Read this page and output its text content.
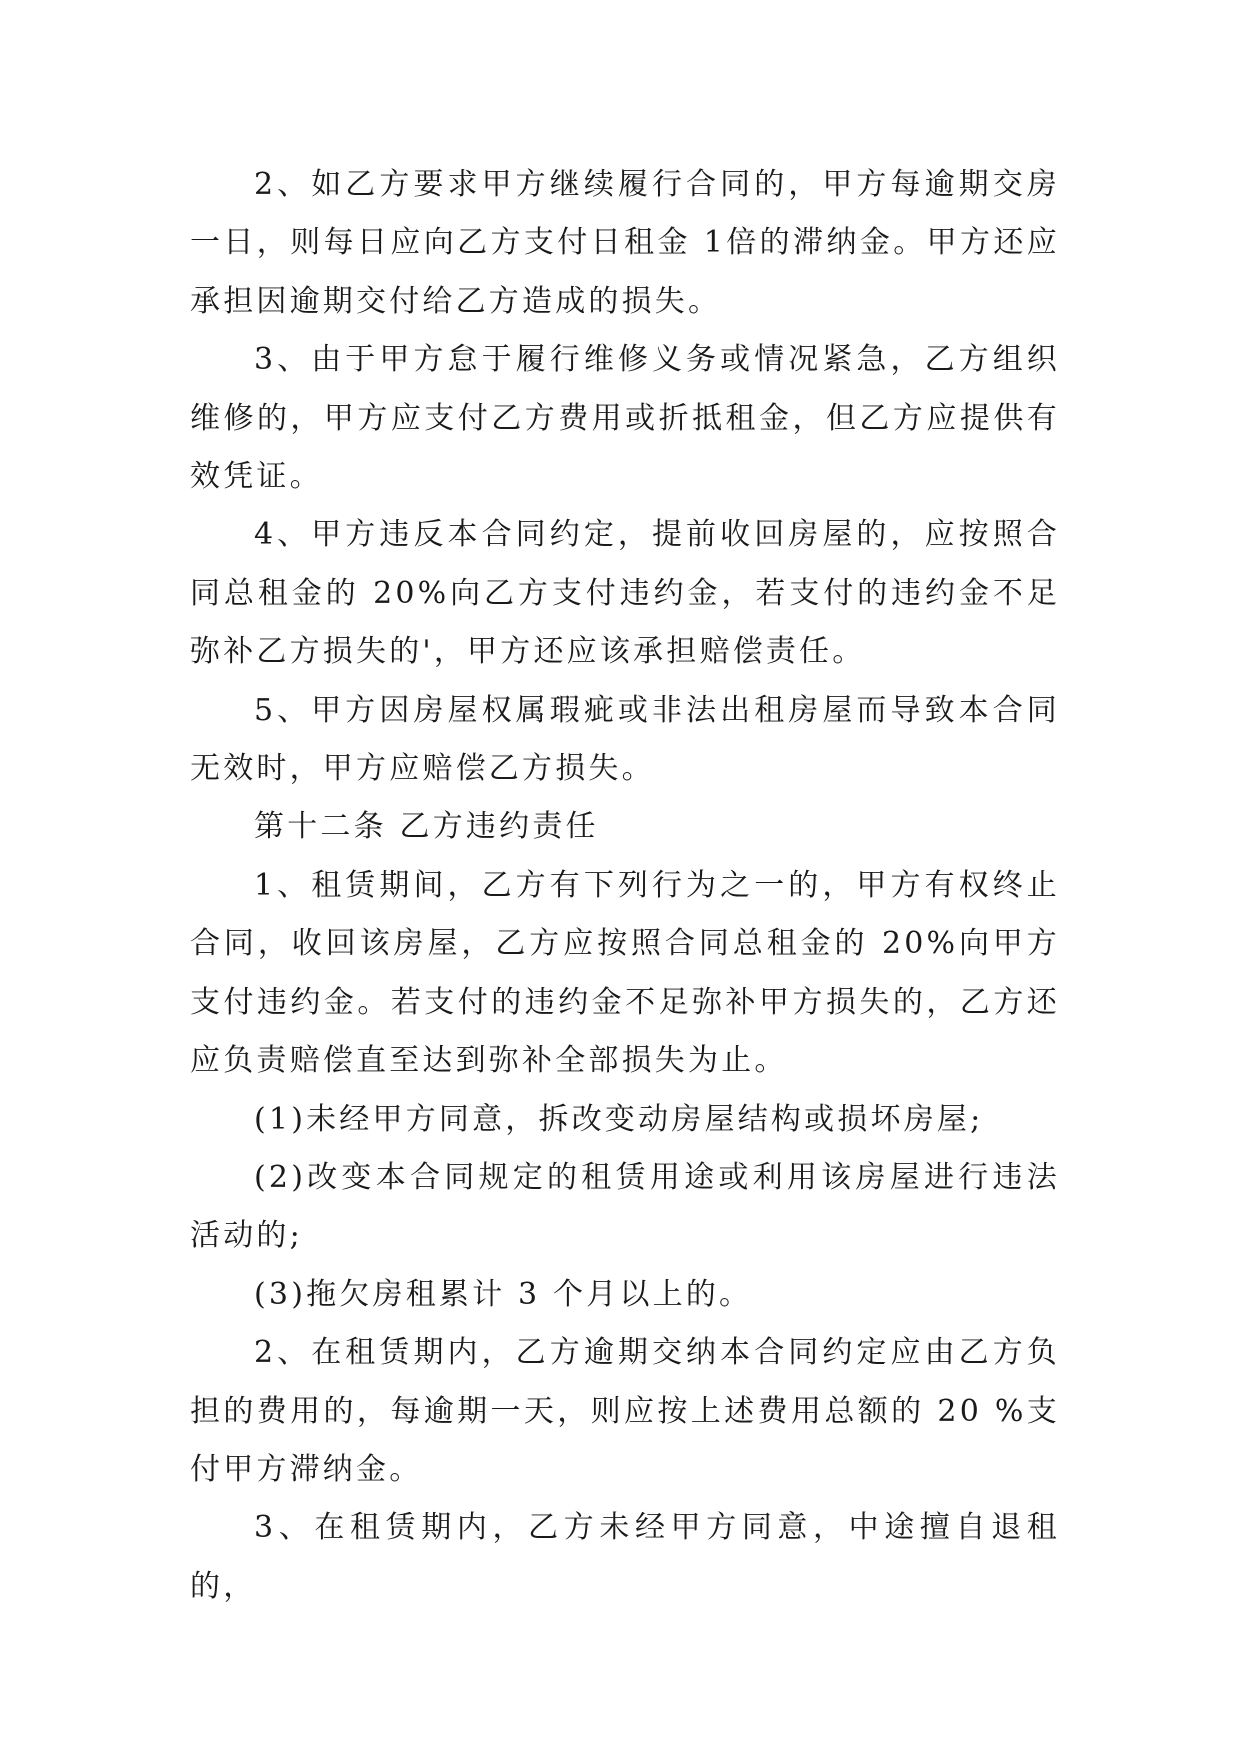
2、如乙方要求甲方继续履行合同的，甲方每逾期交房一日，则每日应向乙方支付日租金 1倍的滞纳金。甲方还应承担因逾期交付给乙方造成的损失。

3、由于甲方怠于履行维修义务或情况紧急，乙方组织维修的，甲方应支付乙方费用或折抵租金，但乙方应提供有效凭证。

4、甲方违反本合同约定，提前收回房屋的，应按照合同总租金的 20%向乙方支付违约金，若支付的违约金不足弥补乙方损失的'，甲方还应该承担赔偿责任。

5、甲方因房屋权属瑕疵或非法出租房屋而导致本合同无效时，甲方应赔偿乙方损失。

第十二条 乙方违约责任

1、租赁期间，乙方有下列行为之一的，甲方有权终止合同，收回该房屋，乙方应按照合同总租金的 20%向甲方支付违约金。若支付的违约金不足弥补甲方损失的，乙方还应负责赔偿直至达到弥补全部损失为止。

(1)未经甲方同意，拆改变动房屋结构或损坏房屋;

(2)改变本合同规定的租赁用途或利用该房屋进行违法活动的;

(3)拖欠房租累计 3 个月以上的。

2、在租赁期内，乙方逾期交纳本合同约定应由乙方负担的费用的，每逾期一天，则应按上述费用总额的 20 %支付甲方滞纳金。

3、在租赁期内，乙方未经甲方同意，中途擅自退租的，
